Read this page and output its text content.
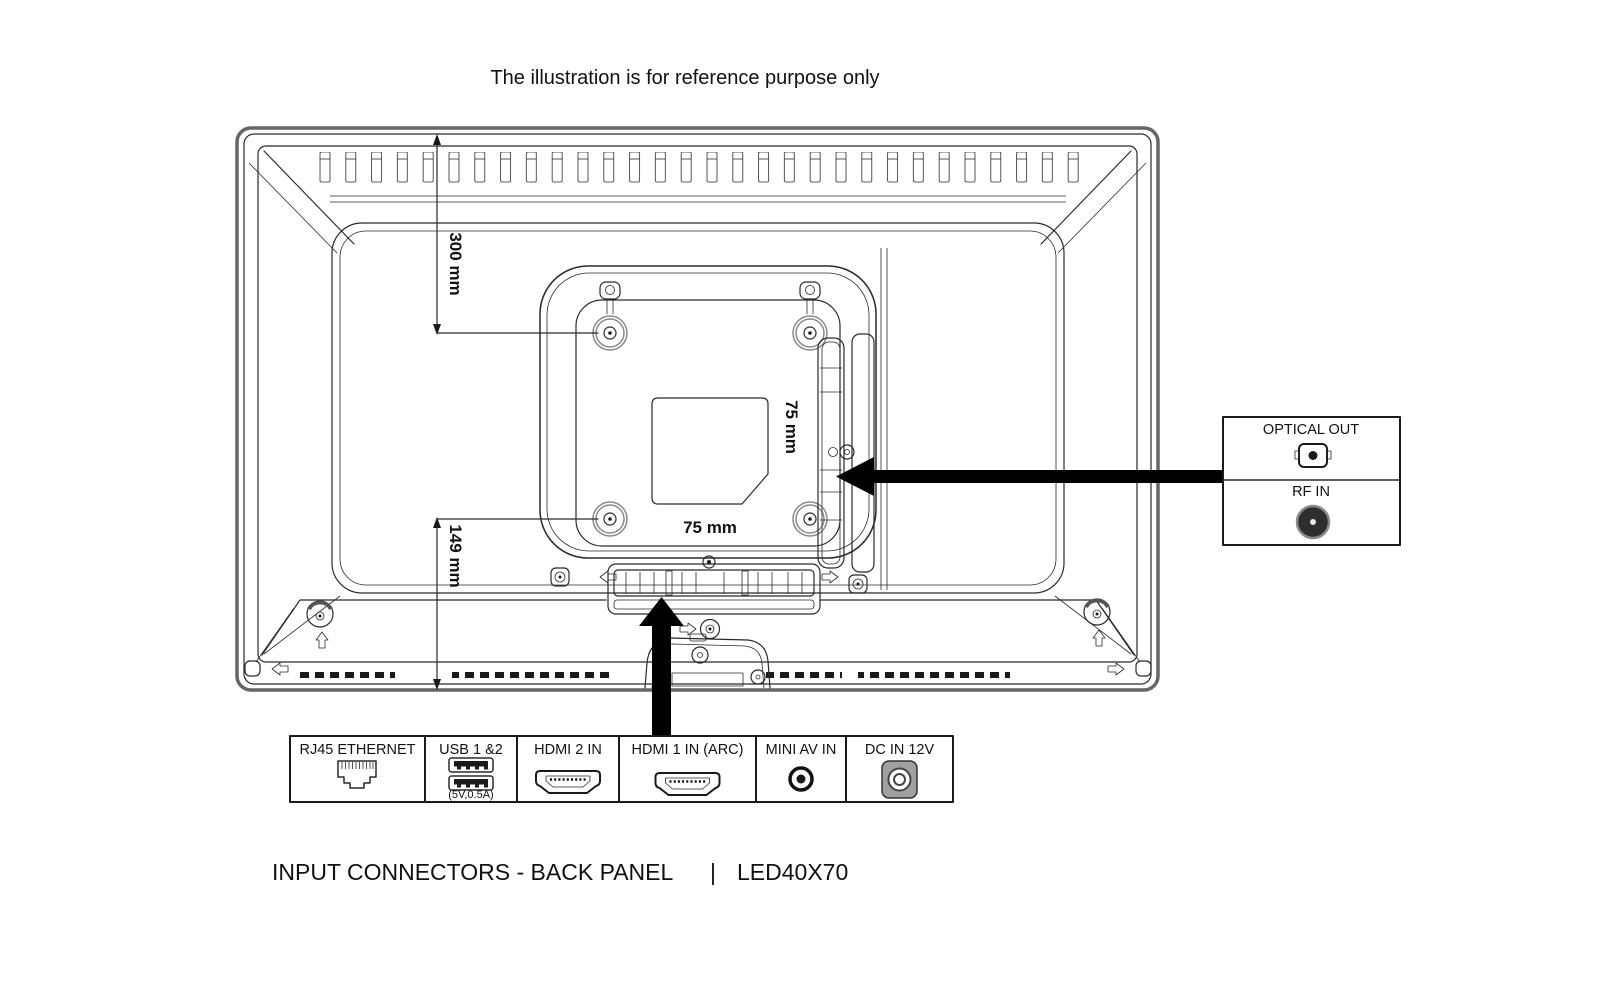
The illustration is for reference purpose only
300 mm
149 mm
75 mm
75 mm
OPTICAL OUT
RF IN
RJ45 ETHERNET USB 1 &2
(5V,0.5A)
HDMI 2 IN HDMI 1 IN (ARC) MINI AV IN DC IN 12V
INPUT CONNECTORS - BACK PANEL | LED40X70
